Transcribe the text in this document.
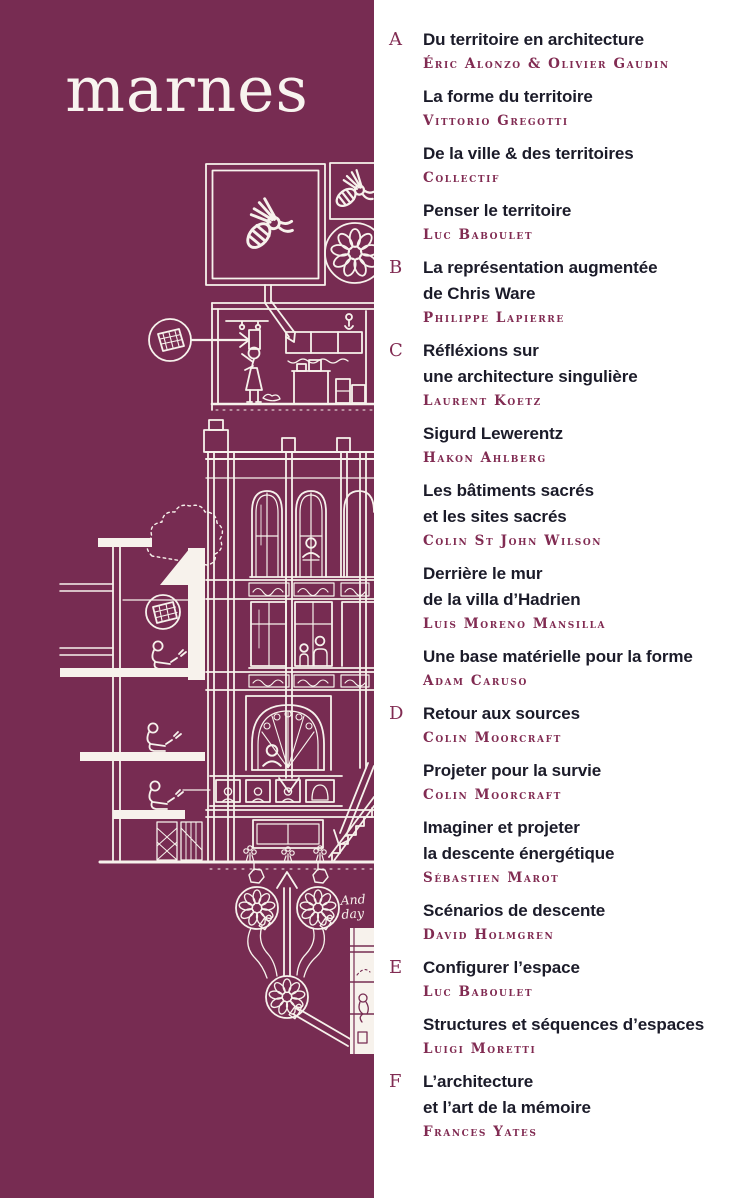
marnes
And
day
A	Du territoire en architecture
Éric Alonzo & Olivier Gaudin
La forme du territoire
Vittorio Gregotti
De la ville & des territoires
Collectif
Penser le territoire
Luc Baboulet
B	La représentation augmentée
de Chris Ware
Philippe Lapierre
C	Réfléxions sur
une architecture singulière
Laurent Koetz
Sigurd Lewerentz
Hakon Ahlberg
Les bâtiments sacrés
et les sites sacrés
Colin St John Wilson
Derrière le mur
de la villa d’Hadrien
Luis Moreno Mansilla
Une base matérielle pour la forme
Adam Caruso
D	Retour aux sources
Colin Moorcraft
Projeter pour la survie
Colin Moorcraft
Imaginer et projeter
la descente énergétique
Sébastien Marot
Scénarios de descente
David Holmgren
E	Configurer l’espace
Luc Baboulet
Structures et séquences d’espaces
Luigi Moretti
F	L’architecture
et l’art de la mémoire
Frances Yates
